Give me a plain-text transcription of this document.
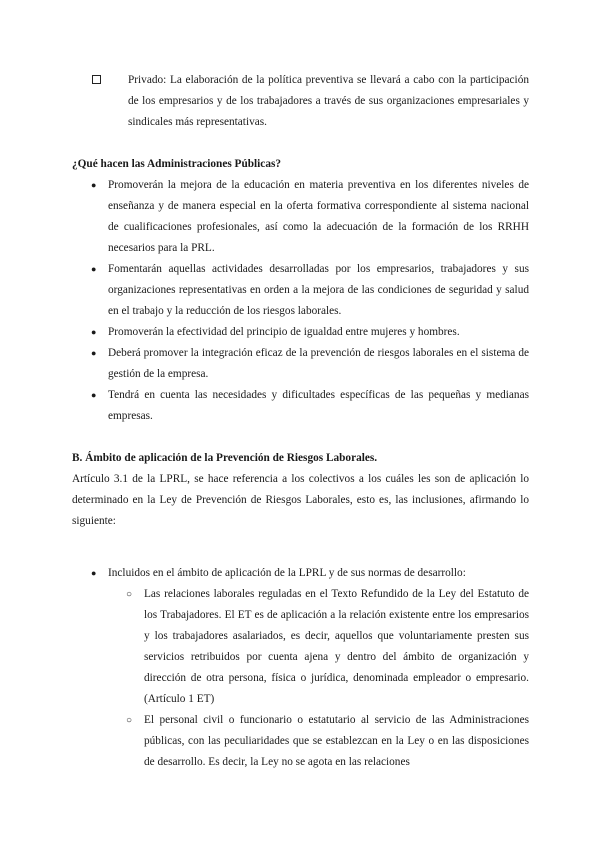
Privado: La elaboración de la política preventiva se llevará a cabo con la participación de los empresarios y de los trabajadores a través de sus organizaciones empresariales y sindicales más representativas.

¿Qué hacen las Administraciones Públicas?
● Promoverán la mejora de la educación en materia preventiva en los diferentes niveles de enseñanza y de manera especial en la oferta formativa correspondiente al sistema nacional de cualificaciones profesionales, así como la adecuación de la formación de los RRHH necesarios para la PRL.
● Fomentarán aquellas actividades desarrolladas por los empresarios, trabajadores y sus organizaciones representativas en orden a la mejora de las condiciones de seguridad y salud en el trabajo y la reducción de los riesgos laborales.
● Promoverán la efectividad del principio de igualdad entre mujeres y hombres.
● Deberá promover la integración eficaz de la prevención de riesgos laborales en el sistema de gestión de la empresa.
● Tendrá en cuenta las necesidades y dificultades específicas de las pequeñas y medianas empresas.
B. Ámbito de aplicación de la Prevención de Riesgos Laborales.

Artículo 3.1 de la LPRL, se hace referencia a los colectivos a los cuáles les son de aplicación lo determinado en la Ley de Prevención de Riesgos Laborales, esto es, las inclusiones, afirmando lo siguiente:

● Incluidos en el ámbito de aplicación de la LPRL y de sus normas de desarrollo:
○ Las relaciones laborales reguladas en el Texto Refundido de la Ley del Estatuto de los Trabajadores. El ET es de aplicación a la relación existente entre los empresarios y los trabajadores asalariados, es decir, aquellos que voluntariamente presten sus servicios retribuidos por cuenta ajena y dentro del ámbito de organización y dirección de otra persona, física o jurídica, denominada empleador o empresario. (Artículo 1 ET)
○ El personal civil o funcionario o estatutario al servicio de las Administraciones públicas, con las peculiaridades que se establezcan en la Ley o en las disposiciones de desarrollo. Es decir, la Ley no se agota en las relaciones
